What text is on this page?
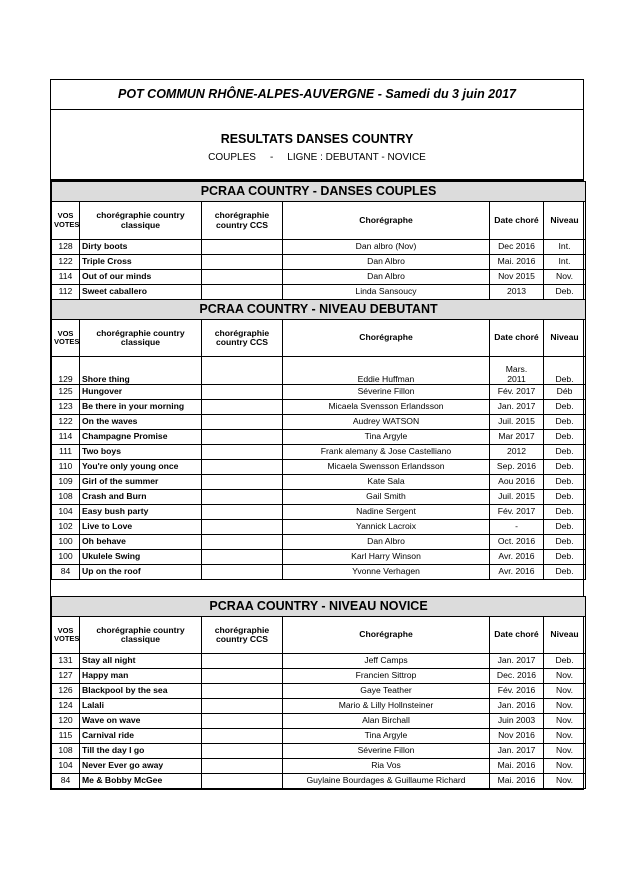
POT COMMUN RHÔNE-ALPES-AUVERGNE - Samedi du 3 juin 2017
RESULTATS DANSES COUNTRY
COUPLES - LIGNE : DEBUTANT - NOVICE
PCRAA COUNTRY - DANSES COUPLES					
VOS VOTES	chorégraphie country classique	chorégraphie country CCS	Chorégraphe	Date choré	Niveau
128	Dirty boots		Dan albro (Nov)	Dec 2016	Int.
122	Triple Cross		Dan Albro	Mai. 2016	Int.
114	Out of our minds		Dan Albro	Nov 2015	Nov.
112	Sweet caballero		Linda Sansoucy	2013	Deb.
PCRAA COUNTRY - NIVEAU DEBUTANT					
VOS VOTES	chorégraphie country classique	chorégraphie country CCS	Chorégraphe	Date choré	Niveau
129	Shore thing		Eddie Huffman	Mars. 2011	Deb.
125	Hungover		Séverine Fillon	Fév. 2017	Déb
123	Be there in your morning		Micaela Svensson Erlandsson	Jan. 2017	Deb.
122	On the waves		Audrey WATSON	Juil. 2015	Deb.
114	Champagne Promise		Tina Argyle	Mar 2017	Deb.
111	Two boys		Frank alemany & Jose Castelliano	2012	Deb.
110	You're only young once		Micaela Swensson Erlandsson	Sep. 2016	Deb.
109	Girl of the summer		Kate Sala	Aou 2016	Deb.
108	Crash and Burn		Gail Smith	Juil. 2015	Deb.
104	Easy bush party		Nadine Sergent	Fév. 2017	Deb.
102	Live to Love		Yannick Lacroix	-	Deb.
100	Oh behave		Dan Albro	Oct. 2016	Deb.
100	Ukulele Swing		Karl Harry Winson	Avr. 2016	Deb.
84	Up on the roof		Yvonne Verhagen	Avr. 2016	Deb.

PCRAA COUNTRY - NIVEAU NOVICE					
VOS VOTES	chorégraphie country classique	chorégraphie country CCS	Chorégraphe	Date choré	Niveau
131	Stay all night		Jeff Camps	Jan. 2017	Deb.
127	Happy man		Francien Sittrop	Dec. 2016	Nov.
126	Blackpool by the sea		Gaye Teather	Fév. 2016	Nov.
124	Lalali		Mario & Lilly Hollnsteiner	Jan. 2016	Nov.
120	Wave on wave		Alan Birchall	Juin 2003	Nov.
115	Carnival ride		Tina Argyle	Nov 2016	Nov.
108	Till the day I go		Séverine Fillon	Jan. 2017	Nov.
104	Never Ever go away		Ria Vos	Mai. 2016	Nov.
84	Me & Bobby McGee		Guylaine Bourdages & Guillaume Richard	Mai. 2016	Nov.
